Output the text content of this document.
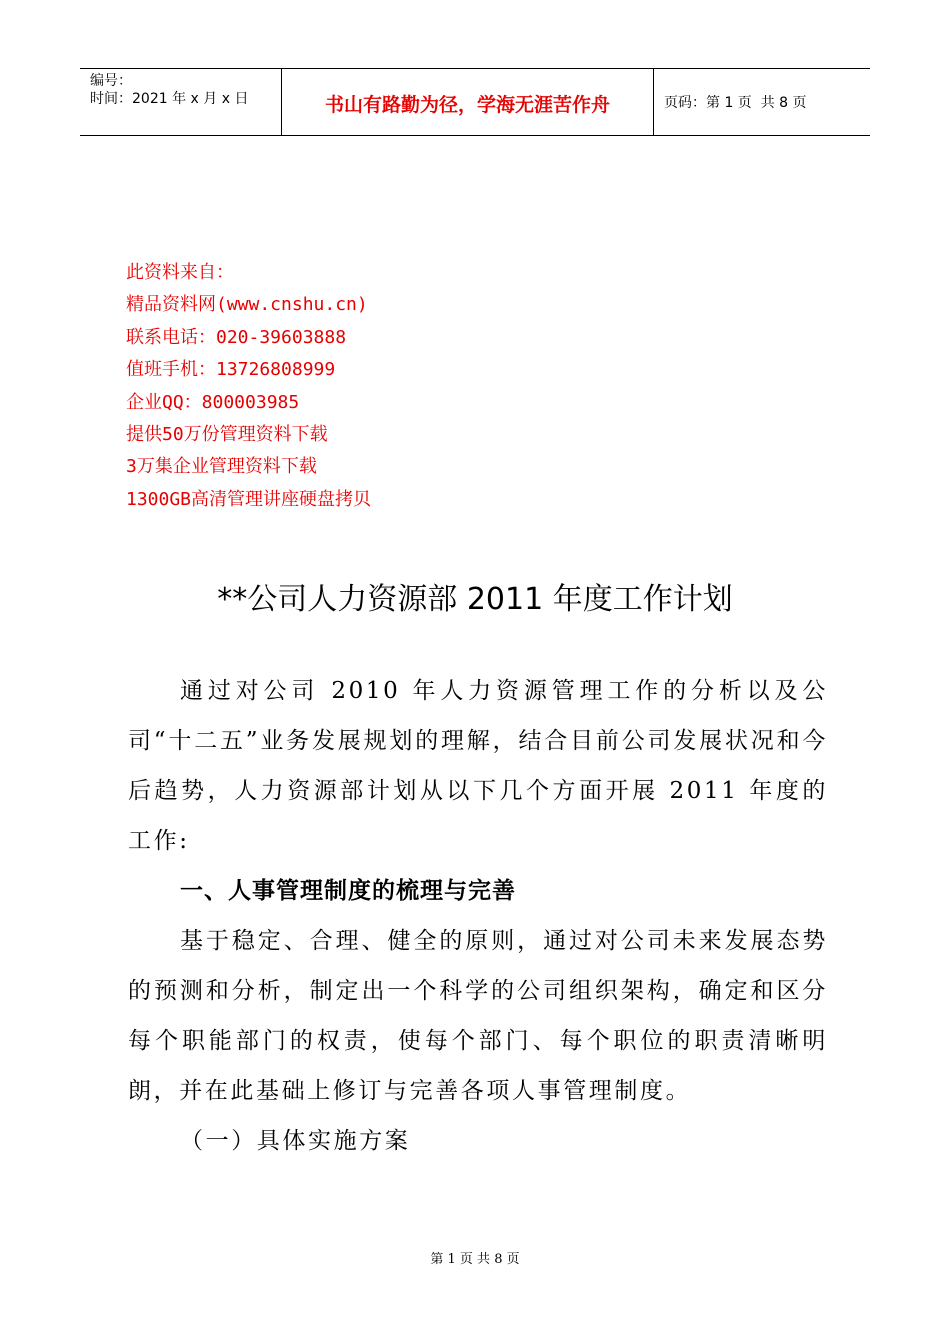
编号：
时间：2021 年 x 月 x 日	书山有路勤为径，学海无涯苦作舟	页码：第 1 页  共 8 页
此资料来自：
精品资料网(www.cnshu.cn)
联系电话：020-39603888
值班手机：13726808999
企业QQ：800003985
提供50万份管理资料下载
3万集企业管理资料下载
1300GB高清管理讲座硬盘拷贝
**公司人力资源部 2011 年度工作计划

通过对公司 2010 年人力资源管理工作的分析以及公司“十二五”业务发展规划的理解，结合目前公司发展状况和今后趋势，人力资源部计划从以下几个方面开展 2011 年度的工作:

一、人事管理制度的梳理与完善

基于稳定、合理、健全的原则，通过对公司未来发展态势的预测和分析，制定出一个科学的公司组织架构，确定和区分每个职能部门的权责，使每个部门、每个职位的职责清晰明朗，并在此基础上修订与完善各项人事管理制度。

（一）具体实施方案

第 1 页 共 8 页
